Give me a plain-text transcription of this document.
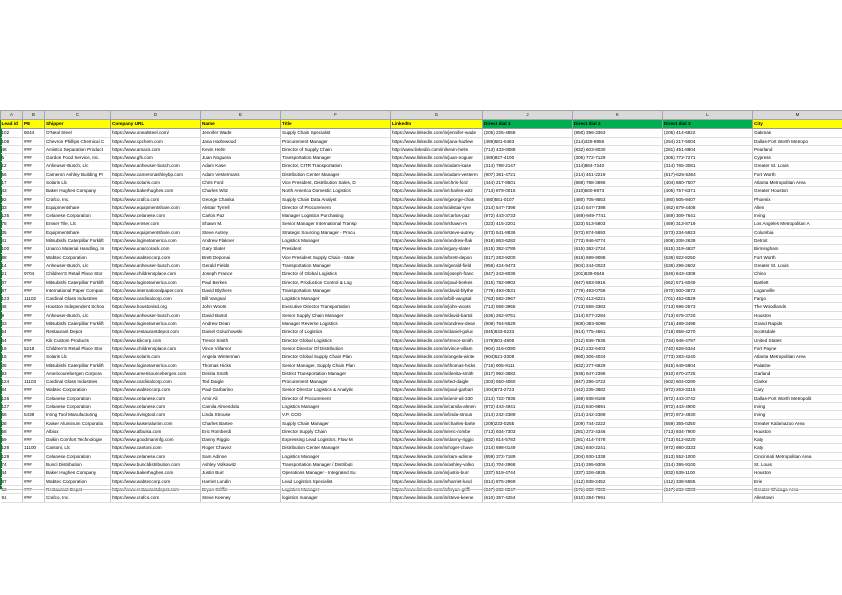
A	B	C	D	E	F	G	J	K	L	M
Lead id	PE	Shipper	Company URL	Name	Title	LinkedIn	Direct dial 1	Direct dial 2	Direct dial 3	City
102	6044	O'Neal Steel	https://www.onealsteel.com/	Jennifer Wade	Supply Chain Specialist	https://www.linkedin.com/in/jennifer-wade	(205) 225-4858	(850) 396-3363	(205) 414-6822	Oakman
108	###	Chevron Phillips Chemical C	https://www.cpchem.com	Jana Hazlewood	Procurement Manager	https://www.linkedin.com/in/jana-hazlew	(469)581-0483	(214)425-8956	(254) 217-5004	Dallas-Fort Worth Metropo
48	###	Amistco Separation Product	https://www.amacs.com	Kevin Helm	Director of Supply Chain	http://www.linkedin.com/in/kevin-helm	(713) 433-0088	(832) 603-8030	(281) 451-8804	Pearland
5	###	Gordon Food Service, Inc.	https://www.gfs.com	Juan Noguera	Transportation Manager	https://www.linkedin.com/in/juan-noguer	(469)827-4100	(305) 772-7129	(305) 772-7271	Cypress
12	###	Anheuser-Busch, Llc	https://www.anheuser-busch.com	Adam Kase	Director, CITR Transportation	https://www.linkedin.com/in/adam-kase	(314) 798-2147	(314)984-7240	(314) 765-3081	Greater St. Louis
56	###	Cameron Ashley Building Pr	https://www.cameronashleybp.com	Adam Vestermans	Distribution Center Manager	https://www.linkedin.com/in/adam-vesterm	(907) 361-4721	(214) 451-2219	(817)-625-5364	Fort Worth
17	###	Solaris Llc	https://www.solaris.com	Chris Ford	Vice President, Distribution Sales, D	https://www.linkedin.com/in/chris-ford	(444) 217-8501	(888) 788-3695	(404) 880-7507	Atlanta Metropolitan Area
43	###	Baker Hughes Company	https://www.bakerhughes.com	Charles Witz	North America Domestic Logistics	https://www.linkedin.com/in/charles-witz	(713) 879-0015	(310)560-6973	(405) 757-6371	Greater Houston
92	###	Crafco, Inc.	https://www.crafco.com	George Chaska	Supply Chain Data Analyst	https://www.linkedin.com/in/george-chas	(480)551-0107	(480) 705-9553	(480) 505-9407	Phoenix
33	###	Equipmentshare	https://www.equipmentshare.com	Alistair Tyrrell	Director of Procurement	https://www.linkedin.com/in/alistair-tyre	(214) 547-7398	(214) 547-7398	(462) 879-4408	Allen
125	###	Celanese Corporation	https://www.celanese.com	Carlos Paz	Manager Logistics Purchasing	https://www.linkedin.com/in/carlos-paz	(972) 443-3733	(469)-949-7741	(469) 309-7641	Irving
78	###	Emser Tile, Llc	https://www.emser.com	Shawn M.	Senior Manager International Transp	https://www.linkedin.com/in/shawn-m	(323) 415-2201	(323) 513-5803	(469) 313-8719	Los Angeles Metropolitan A
35	###	Equipmentshare	https://www.equipmentshare.com	Steve Autrey	Strategic Sourcing Manager - Procu	https://www.linkedin.com/in/steve-autrey	(573) 541-8836	(573) 874-5893	(573) 234-5923	Columbia
41	###	Mitsubishi Caterpillar Forklift	https://www.loginetamerica.com	Andrew Flakner	Logistics Manager	https://www.linkedin.com/in/andrew-flak	(918) 863-6282	(773) 946-8774	(608) 208-2639	Detroit
100	###	Unarco Material Handling, In	https://www.unarcorack.com	Gary Slater	President	https://www.linkedin.com/in/gary-slater	(615) 382-2789	(615) 382-2724	(615) 319-4637	Birmingham
88	###	Wabtec Corporation	https://www.wabteccorp.com	Brett Deponai	Vice President Supply Chain - Mate	https://www.linkedin.com/in/brett-depon	(817) 283-9200	(816) 699-9088	(636) 922-8250	Fort Worth
14	###	Anheuser-Busch, Llc	https://www.anheuser-busch.com	Gerald Fields	Transportation Manager	https://www.linkedin.com/in/gerald-field	(956) 424-9473	(904) 244-0023	(636) 296-2602	Greater St. Louis
21	9704	Children'S Retail Place Stor	https://www.childrensplace.com	Joseph France	Director of Global Logistics	https://www.linkedin.com/in/joseph-franc	(847) 243-6036	(201)639-0646	(646) 643-4308	Chino
37	###	Mitsubishi Caterpillar Forklift	https://www.loginetamerica.com	Paul Berkes	Director, Production Control & Log	https://www.linkedin.com/in/paul-berkes	(815) 782-9902	(847) 583-5916	(662) 571-6049	Bartlett
87	###	International Paper Compan	https://www.internationalpaper.com	David Blythers	Transportation Manager	https://www.linkedin.com/in/david-blythe	(779) 493-0531	(779) 493-0758	(870) 500-3672	Loganville
123	11102	Cardinal Glass Industries	https://www.cardinalcorp.com	Bill Vangsal	Logistics Manager	https://www.linkedin.com/in/bill-vangsal	(763) 582-2967	(701) 412-6221	(701) 452-6529	Fargo
46	###	Houston Independent Schoo	https://www.houstonisd.org	John Woots	Executive Director Transportation	https://www.linkedin.com/in/john-woots	(713) 556-3955	(713) 556-3383	(713) 696-2573	The Woodlands
9	###	Anheuser-Busch, Llc	https://www.anheuser-busch.com	David Bartol	Senior Supply Chain Manager	https://www.linkedin.com/in/david-bartol	(636) 262-9761	(314) 577-2284	(713) 678-3720	Houston
33	###	Mitsubishi Caterpillar Forklift	https://www.loginetamerica.com	Andrew Dean	Manager Reverse Logistics	https://www.linkedin.com/in/andrew-dean	(908) 764-5529	(908)-393-5098	(716) 489-3498	Grand Rapids
54	###	Restaurant Depot	https://www.restaurantdepot.com	Daniel Goluchowski	Director of Logistics	https://www.linkedin.com/in/daniel-goluc	(845)633-5233	(914) 775-4661	(718) 858-4270	Scottsdale
64	###	Kik Custom Products	https://www.kikcorp.com	Trevor Smith	Director Global Logistics	https://www.linkedin.com/in/trevor-smith	(479)501-4806	(312) 836-7535	(734) 945-4797	United States
19	5218	Children'S Retail Place Stor	https://www.childrensplace.com	Vince Villamor	Senior Director Of Distribution	https://www.linkedin.com/in/vince-villam	(904) 316-0390	(912) 232-6403	(740) 828-5344	Fort Payne
15	###	Solaris Llc	https://www.solaris.com	Angela Winterman	Director Global Supply Chain Plan	https://www.linkedin.com/in/angela-winte	(904)521-3308	(860) 306-4034	(773) 283-4240	Atlanta Metropolitan Area
38	###	Mitsubishi Caterpillar Forklift	https://www.loginetamerica.com	Thomas Hicks	Senior Manager, Supply Chain Plan	https://www.linkedin.com/in/thomas-hicks	(716) 905-9111	(832) 277-6829	(815) 649-5804	Palatine
93	###	Americourebergen Corpora	https://www.amerisourcebergen.com	Denita Smith	District Transportation Manager	https://www.linkedin.com/in/denita-smith	(817) 992-3682	(936) 647-2396	(910) 670-2725	Garland
124	11103	Cardinal Glass Industries	https://www.cardinalcorp.com	Ted Daigle	Procurement Manager	https://www.linkedin.com/in/ted-daigle	(303) 550-4060	(847) 296-3722	(602) 604-0290	Clarke
84	###	Wabtec Corporation	https://www.wabteccorp.com	Paul Garbarino	Senior Director Logistics & Analytic	https://www.linkedin.com/in/paul-garbari	(404)673-2723	(442) 235-3882	(972) 263-3315	Cary
126	###	Celanese Corporation	https://www.celanese.com	Amir Ali	Director of Procurement	https://www.linkedin.com/in/amir-ali-330	(214) 722-7836	(469) 938-8186	(972) 443-3742	Dallas-Fort Worth Metropolit
127	###	Celanese Corporation	https://www.celanese.com	Camila Almendola	Logistics Manager	https://www.linkedin.com/in/camila-almen	(972) 443-4941	(214) 840-9891	(972) 443-4900	Irving
68	5438	Irving Tool Manufacturing	https://www.irvingtool.com	Linda Strouse	V.P. COO	https://www.linkedin.com/in/linda-strous	(214) 242-2389	(214) 242-2389	(972) 972-4930	Irving
38	###	Kaiser Aluminum Corporatio	https://www.kaiseralumin.com	Charles Bartee	Supply Chain Manager	https://www.linkedin.com/in/charles-barte	(209)233-0255	(209) 744-2222	(559) 355-0350	Greater Kalamazoo Area
58	###	Albiox	https://www.albuisa.com	Eric Romberdi	Director Supply Chain	https://www.linkedin.com/in/eric-rombe	(713) 934-7303	(281) 272-4346	(713) 934-7900	Houston
59	###	Daikin Comfort Technologie	https://www.goodmanmfg.com	Danny Riggio	Expressing Lead Logistics, Flow M	https://www.linkedin.com/in/danny-riggio	(832) 814-5783	(281) 414-7478	(713) 512-8220	Katy
128	11100	Cantoni, Llc	https://www.cantoni.com	Roger Chavez	Distribution Center Manager	https://www.linkedin.com/in/roger-chave	(214) 698-0149	(281) 840-2241	(972) 980-3333	Katy
129	###	Celanese Corporation	https://www.celanese.com	Sam Adinne	Logistics Manager	https://www.linkedin.com/in/sam-adinne	(859) 372-7189	(304) 930-1338	(513) 552-1000	Cincinnati Metropolitan Area
74	###	Buncl Distribution	https://www.buncldistribution.com	Ashley Volkowitz	Transportation Manager / Distributi	https://www.linkedin.com/in/ashley-volko	(314) 704-2968	(314) 295-9306	(314) 395-9100	St. Louis
44	###	Baker Hughes Company	https://www.bakerhughes.com	Justin Burr	Operations Manager - Integrated Su	https://www.linkedin.com/in/justin-burr	(337) 519-4744	(337) 326-4835	(832) 539-1100	Houston
87	###	Wabtec Corporation	https://www.wabteccorp.com	Harriet Lundin	Lead Logistics Specialist	https://www.linkedin.com/in/harriet-lund	(814) 875-2969	(412) 838-2452	(412) 338-5555	Erie

91	###	Crafco, Inc.	https://www.crafco.com	Steve Keeney	logistics manager	https://www.linkedin.com/in/steve-keene	(610) 357-4254	(610) 284-7591		Allentown
